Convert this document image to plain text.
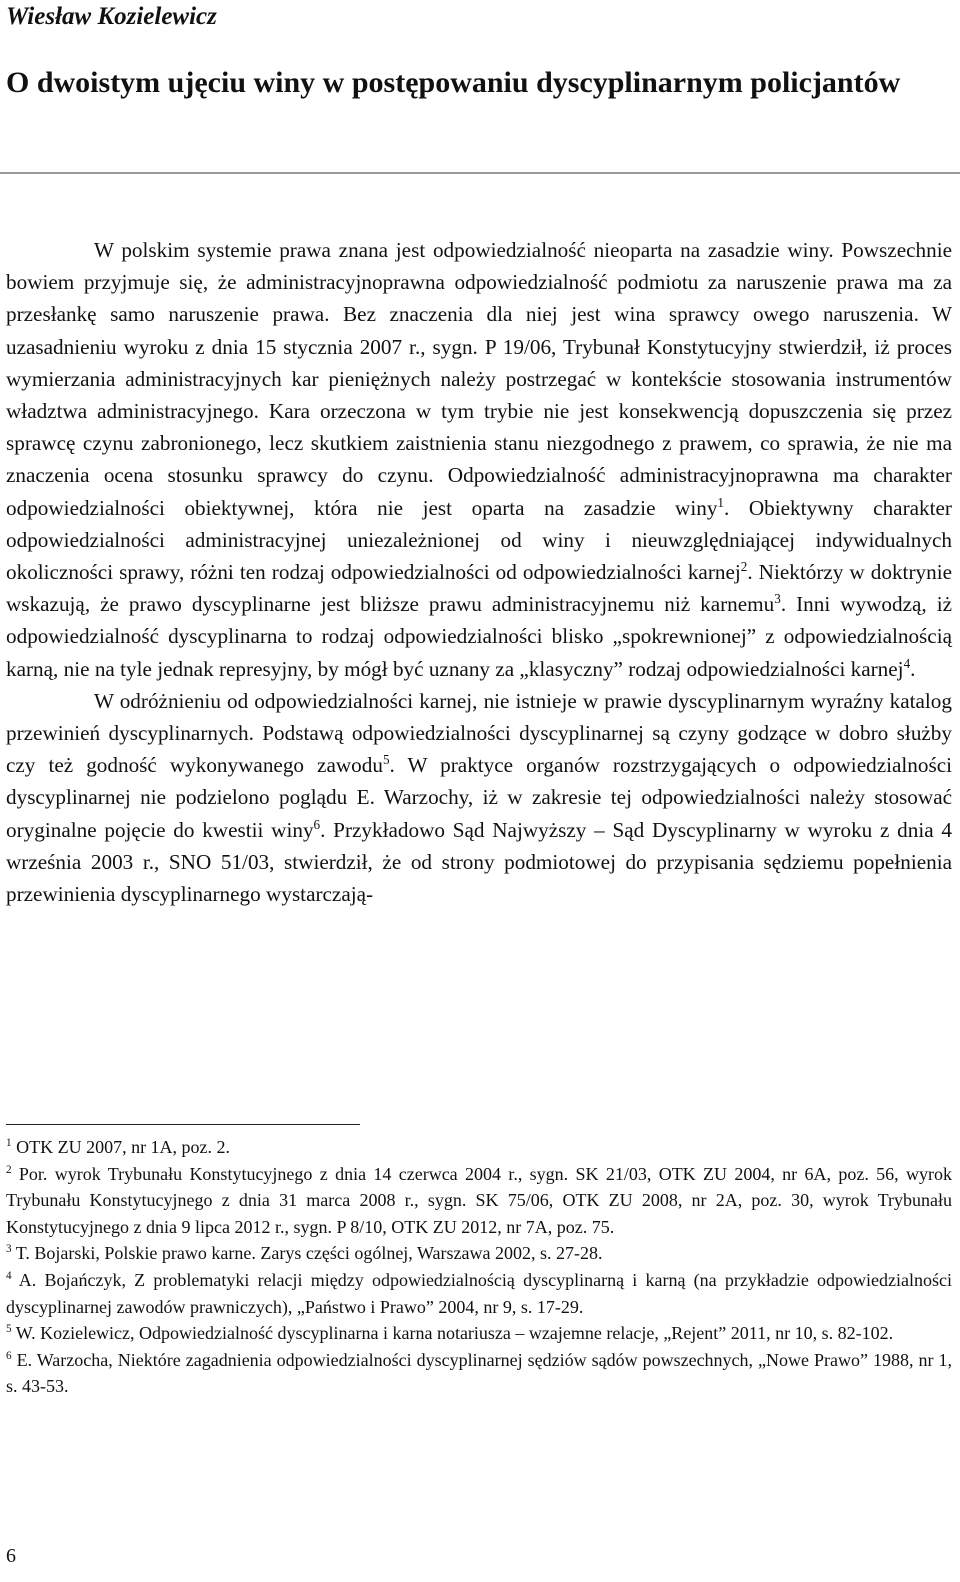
Wiesław Kozielewicz
O dwoistym ujęciu winy w postępowaniu dyscyplinarnym policjantów

W polskim systemie prawa znana jest odpowiedzialność nieoparta na zasadzie winy. Powszechnie bowiem przyjmuje się, że administracyjnoprawna odpowiedzialność podmiotu za naruszenie prawa ma za przesłankę samo naruszenie prawa. Bez znaczenia dla niej jest wina sprawcy owego naruszenia. W uzasadnieniu wyroku z dnia 15 stycznia 2007 r., sygn. P 19/06, Trybunał Konstytucyjny stwierdził, iż proces wymierzania administracyjnych kar pieniężnych należy postrzegać w kontekście stosowania instrumentów władztwa administracyjnego. Kara orzeczona w tym trybie nie jest konsekwencją dopuszczenia się przez sprawcę czynu zabronionego, lecz skutkiem zaistnienia stanu niezgodnego z prawem, co sprawia, że nie ma znaczenia ocena stosunku sprawcy do czynu. Odpowiedzialność administracyjnoprawna ma charakter odpowiedzialności obiektywnej, która nie jest oparta na zasadzie winy$^1$. Obiektywny charakter odpowiedzialności administracyjnej uniezależnionej od winy i nieuwzględniającej indywidualnych okoliczności sprawy, różni ten rodzaj odpowiedzialności od odpowiedzialności karnej$^2$. Niektórzy w doktrynie wskazują, że prawo dyscyplinarne jest bliższe prawu administracyjnemu niż karnemu$^3$. Inni wywodzą, iż odpowiedzialność dyscyplinarna to rodzaj odpowiedzialności blisko „spokrewnionej” z odpowiedzialnością karną, nie na tyle jednak represyjny, by mógł być uznany za „klasyczny” rodzaj odpowiedzialności karnej$^4$.

W odróżnieniu od odpowiedzialności karnej, nie istnieje w prawie dyscyplinarnym wyraźny katalog przewinień dyscyplinarnych. Podstawą odpowiedzialności dyscyplinarnej są czyny godzące w dobro służby czy też godność wykonywanego zawodu$^5$. W praktyce organów rozstrzygających o odpowiedzialności dyscyplinarnej nie podzielono poglądu E. Warzochy, iż w zakresie tej odpowiedzialności należy stosować oryginalne pojęcie do kwestii winy$^6$. Przykładowo Sąd Najwyższy – Sąd Dyscyplinarny w wyroku z dnia 4 września 2003 r., SNO 51/03, stwierdził, że od strony podmiotowej do przypisania sędziemu popełnienia przewinienia dyscyplinarnego wystarczają-

$^1$ OTK ZU 2007, nr 1A, poz. 2.

$^2$ Por. wyrok Trybunału Konstytucyjnego z dnia 14 czerwca 2004 r., sygn. SK 21/03, OTK ZU 2004, nr 6A, poz. 56, wyrok Trybunału Konstytucyjnego z dnia 31 marca 2008 r., sygn. SK 75/06, OTK ZU 2008, nr 2A, poz. 30, wyrok Trybunału Konstytucyjnego z dnia 9 lipca 2012 r., sygn. P 8/10, OTK ZU 2012, nr 7A, poz. 75.

$^3$ T. Bojarski, Polskie prawo karne. Zarys części ogólnej, Warszawa 2002, s. 27-28.

$^4$ A. Bojańczyk, Z problematyki relacji między odpowiedzialnością dyscyplinarną i karną (na przykładzie odpowiedzialności dyscyplinarnej zawodów prawniczych), „Państwo i Prawo” 2004, nr 9, s. 17-29.

$^5$ W. Kozielewicz, Odpowiedzialność dyscyplinarna i karna notariusza – wzajemne relacje, „Rejent” 2011, nr 10, s. 82-102.

$^6$ E. Warzocha, Niektóre zagadnienia odpowiedzialności dyscyplinarnej sędziów sądów powszechnych, „Nowe Prawo” 1988, nr 1, s. 43-53.

6
